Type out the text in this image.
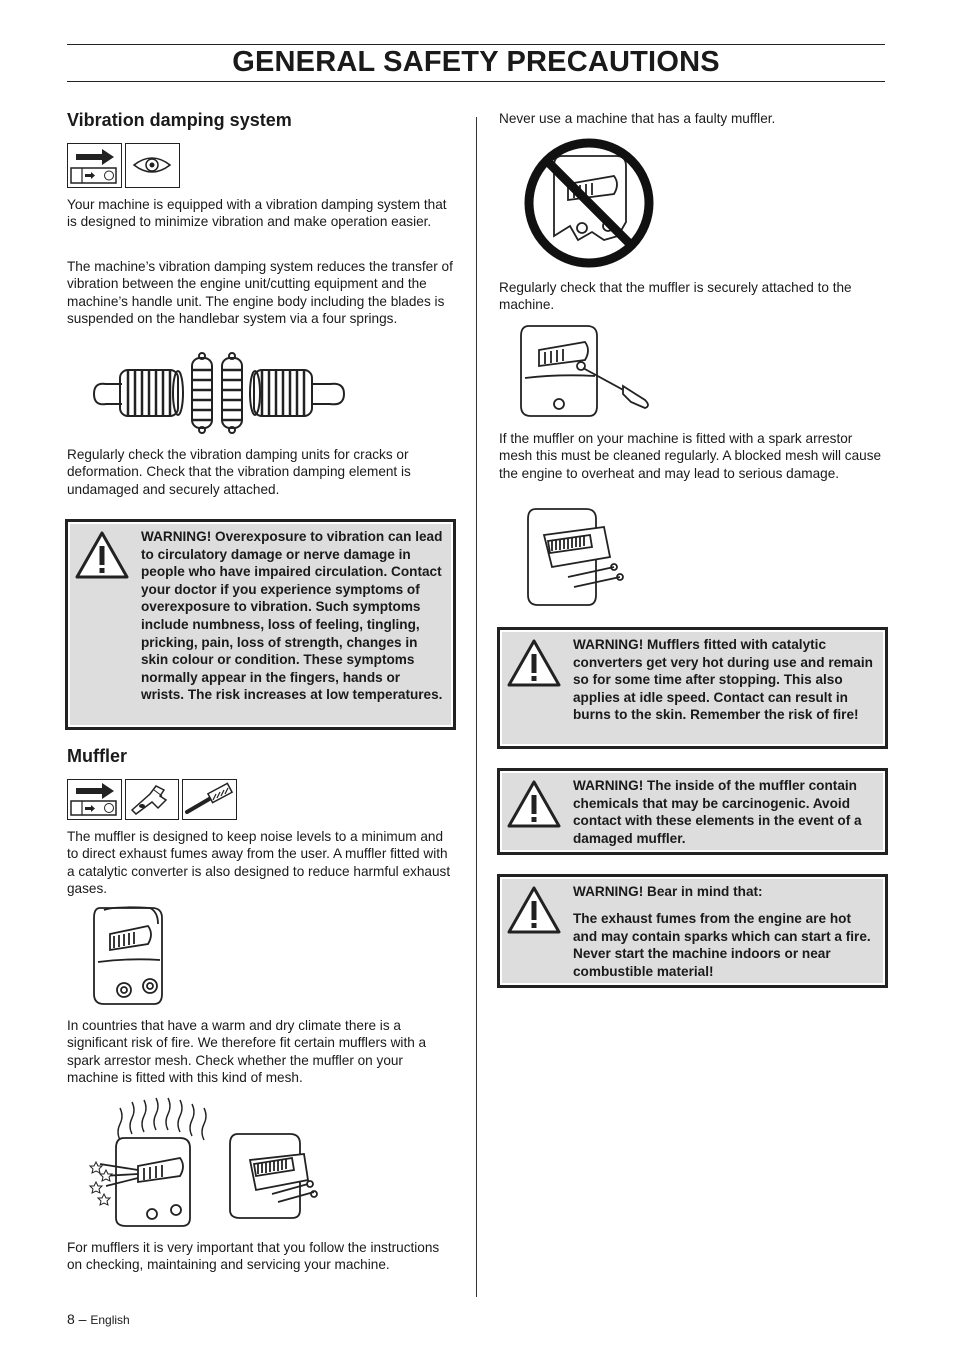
GENERAL SAFETY PRECAUTIONS
Vibration damping system

Your machine is equipped with a vibration damping system that is designed to minimize vibration and make operation easier.

The machine’s vibration damping system reduces the transfer of vibration between the engine unit/cutting equipment and the machine’s handle unit. The engine body including the blades is suspended on the handlebar system via a four springs.

Regularly check the vibration damping units for cracks or deformation. Check that the vibration damping element is undamaged and securely attached.

WARNING! Overexposure to vibration can lead to circulatory damage or nerve damage in people who have impaired circulation. Contact your doctor if you experience symptoms of overexposure to vibration. Such symptoms include numbness, loss of feeling, tingling, pricking, pain, loss of strength, changes in skin colour or condition. These symptoms normally appear in the fingers, hands or wrists. The risk increases at low temperatures.
Muffler

The muffler is designed to keep noise levels to a minimum and to direct exhaust fumes away from the user. A muffler fitted with a catalytic converter is also designed to reduce harmful exhaust gases.

In countries that have a warm and dry climate there is a significant risk of fire. We therefore fit certain mufflers with a spark arrestor mesh. Check whether the muffler on your machine is fitted with this kind of mesh.

For mufflers it is very important that you follow the instructions on checking, maintaining and servicing your machine.

Never use a machine that has a faulty muffler.

Regularly check that the muffler is securely attached to the machine.

If the muffler on your machine is fitted with a spark arrestor mesh this must be cleaned regularly. A blocked mesh will cause the engine to overheat and may lead to serious damage.

WARNING! Mufflers fitted with catalytic converters get very hot during use and remain so for some time after stopping. This also applies at idle speed. Contact can result in burns to the skin. Remember the risk of fire!
WARNING! The inside of the muffler contain chemicals that may be carcinogenic. Avoid contact with these elements in the event of a damaged muffler.
WARNING! Bear in mind that:
The exhaust fumes from the engine are hot and may contain sparks which can start a fire. Never start the machine indoors or near combustible material!
8 – English
